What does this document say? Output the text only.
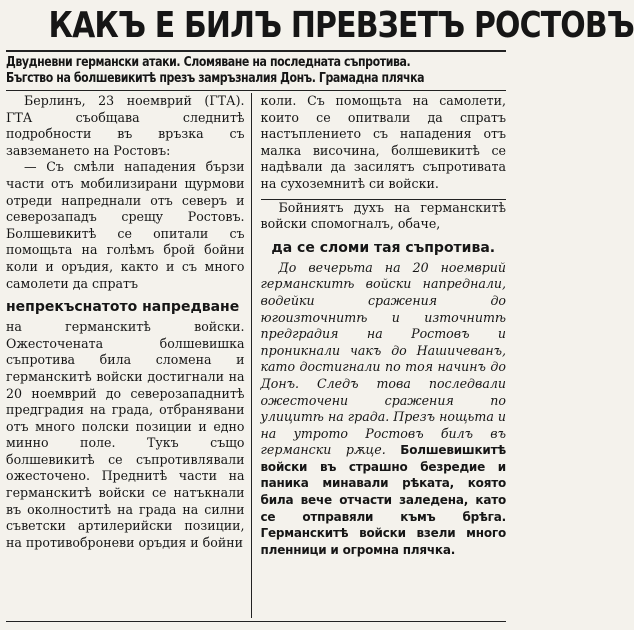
КАКЪ Е БИЛЪ ПРЕВЗЕТЪ РОСТОВЪ
Двудневни германски атаки. Сломяване на последната съпротива.
Бъгство на болшевикитѣ презъ замръзналия Донъ. Грамадна плячка

Берлинъ, 23 ноемврий (ГТА). ГТА съобщава следнитѣ подробности въ връзка съ завземането на Ростовъ:

— Съ смѣли нападения бързи части отъ мобилизирани щурмови отреди напреднали отъ северъ и северозападъ срещу Ростовъ. Болшевикитѣ се опитали съ помощьта на голѣмъ брой бойни коли и оръдия, както и съ много самолети да спратъ

непрекъснатото напредване

на германскитѣ войски. Ожесточената болшевишка съпротива била сломена и германскитѣ войски достигнали на 20 ноемврий до северозападнитѣ предградия на града, отбранявани отъ много полски позиции и едно минно поле. Тукъ също болшевикитѣ се съпротивлявали ожесточено. Преднитѣ части на германскитѣ войски се натъкнали въ околноститѣ на града на силни съветски артилерийски позиции, на противоброневи оръдия и бойни

коли. Съ помощьта на самолети, които се опитвали да спратъ настъплението съ нападения отъ малка височина, болшевикитѣ се надѣвали да засилятъ съпротивата на сухоземнитѣ си войски.

Бойниятъ духъ на германскитѣ войски спомогналъ, обаче,

да се сломи тая съпротива.

До вечерьта на 20 ноемврий германскитѣ войски напреднали, водейки сражения до югоизточнитѣ и източнитѣ предградия на Ростовъ и проникнали чакъ до Нашичеванъ, като достигнали по тоя начинъ до Донъ. Следъ това последвали ожесточени сражения по улицитѣ на града. Презъ нощьта и на утрото Ростовъ билъ въ германски рѫце. Болшевишкитѣ войски въ страшно безредие и паника минавали рѣката, която била вече отчасти заледена, като се отправяли къмъ брѣга. Германскитѣ войски взели много пленници и огромна плячка.
